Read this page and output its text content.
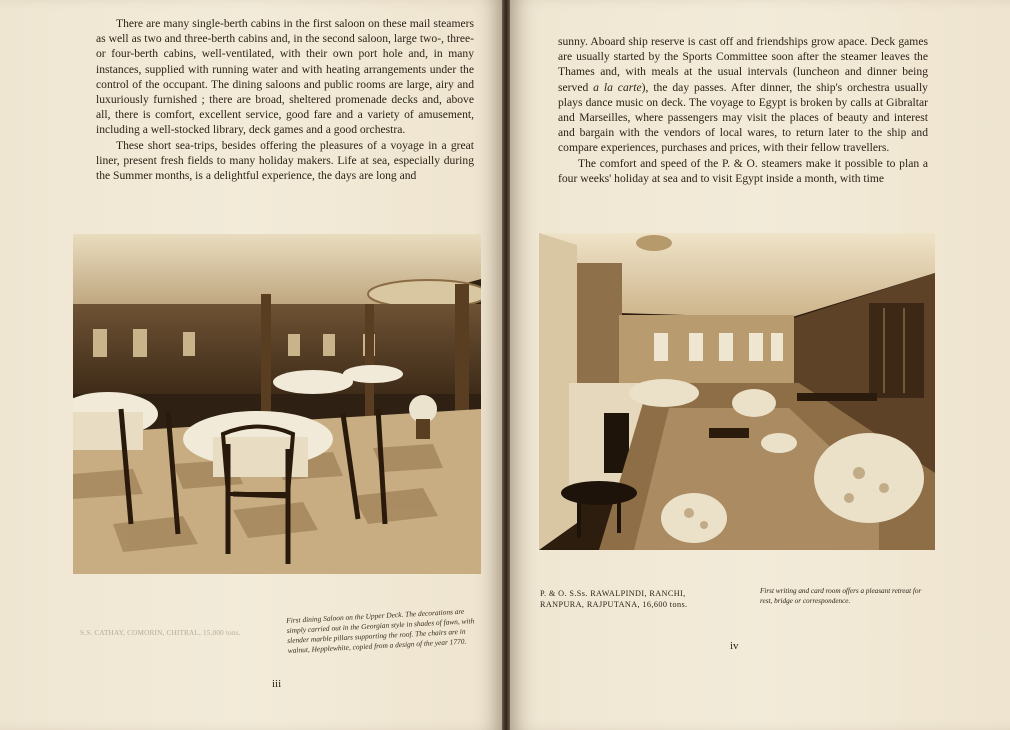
There are many single-berth cabins in the first saloon on these mail steamers as well as two and three-berth cabins and, in the second saloon, large two-, three- or four-berth cabins, well-ventilated, with their own port hole and, in many instances, supplied with running water and with heating arrangements under the control of the occupant. The dining saloons and public rooms are large, airy and luxuriously furnished ; there are broad, sheltered promenade decks and, above all, there is comfort, excellent service, good fare and a variety of amusement, including a well-stocked library, deck games and a good orchestra.

These short sea-trips, besides offering the pleasures of a voyage in a great liner, present fresh fields to many holiday makers. Life at sea, especially during the Summer months, is a delightful experience, the days are long and

S.S. CATHAY, COMORIN, CHITRAL, 15,000 tons.
First dining Saloon on the Upper Deck. The decorations are simply carried out in the Georgian style in shades of fawn, with slender marble pillars supporting the roof. The chairs are in walnut, Hepplewhite, copied from a design of the year 1770.
iii

sunny. Aboard ship reserve is cast off and friendships grow apace. Deck games are usually started by the Sports Committee soon after the steamer leaves the Thames and, with meals at the usual intervals (luncheon and dinner being served a la carte), the day passes. After dinner, the ship's orchestra usually plays dance music on deck. The voyage to Egypt is broken by calls at Gibraltar and Marseilles, where passengers may visit the places of beauty and interest and bargain with the vendors of local wares, to return later to the ship and compare experiences, purchases and prices, with their fellow travellers.

The comfort and speed of the P. & O. steamers make it possible to plan a four weeks' holiday at sea and to visit Egypt inside a month, with time

P. & O. S.Ss. RAWALPINDI, RANCHI,
RANPURA, RAJPUTANA, 16,600 tons.
First writing and card room offers a pleasant retreat for rest, bridge or correspondence.
iv
